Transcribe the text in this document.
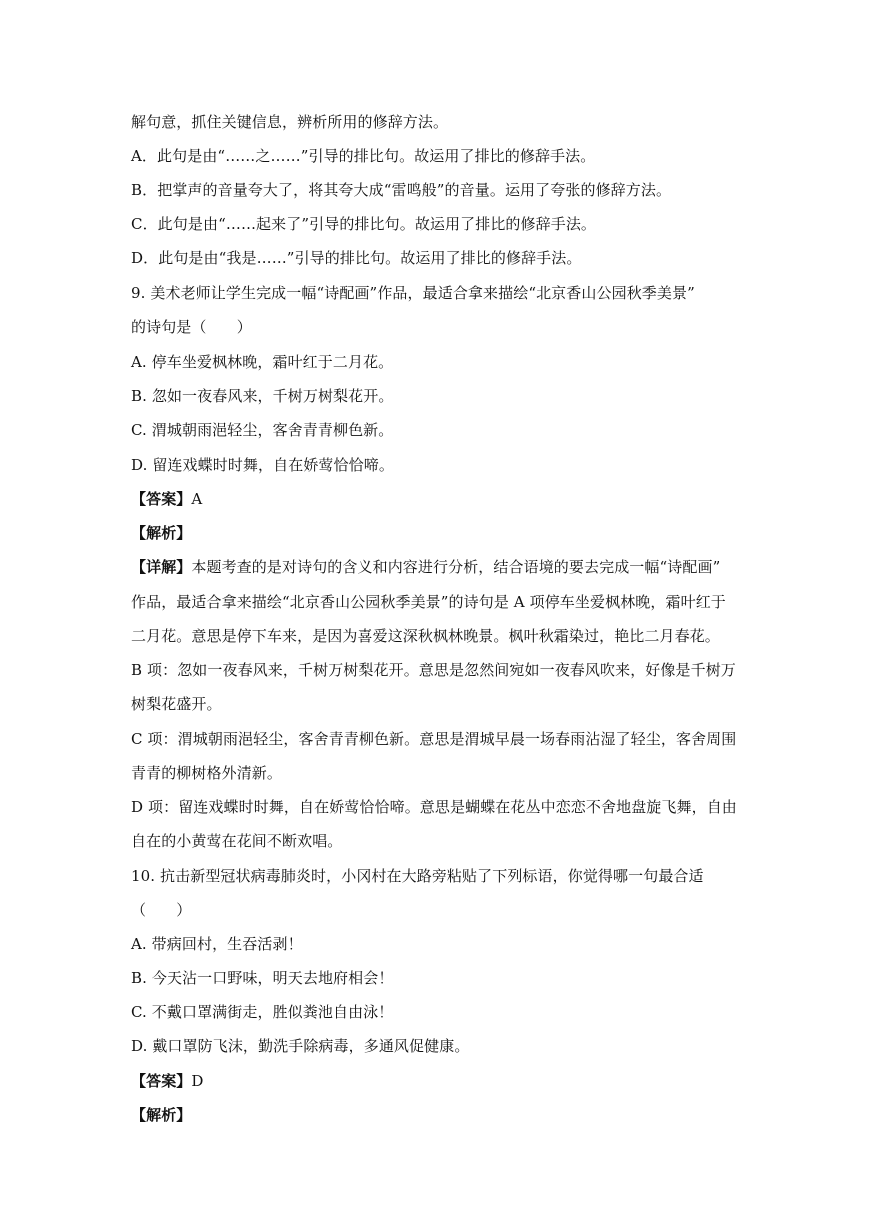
解句意，抓住关键信息，辨析所用的修辞方法。
A．此句是由“……之……”引导的排比句。故运用了排比的修辞手法。
B．把掌声的音量夸大了，将其夸大成“雷鸣般”的音量。运用了夸张的修辞方法。
C．此句是由“……起来了”引导的排比句。故运用了排比的修辞手法。
D．此句是由“我是……”引导的排比句。故运用了排比的修辞手法。
9. 美术老师让学生完成一幅“诗配画”作品，最适合拿来描绘“北京香山公园秋季美景”
的诗句是（　　）
A. 停车坐爱枫林晚，霜叶红于二月花。
B. 忽如一夜春风来，千树万树梨花开。
C. 渭城朝雨浥轻尘，客舍青青柳色新。
D. 留连戏蝶时时舞，自在娇莺恰恰啼。
【答案】A
【解析】
【详解】本题考查的是对诗句的含义和内容进行分析，结合语境的要去完成一幅“诗配画”
作品，最适合拿来描绘“北京香山公园秋季美景”的诗句是 A 项停车坐爱枫林晚，霜叶红于
二月花。意思是停下车来，是因为喜爱这深秋枫林晚景。枫叶秋霜染过，艳比二月春花。
B 项：忽如一夜春风来，千树万树梨花开。意思是忽然间宛如一夜春风吹来，好像是千树万
树梨花盛开。
C 项：渭城朝雨浥轻尘，客舍青青柳色新。意思是渭城早晨一场春雨沾湿了轻尘，客舍周围
青青的柳树格外清新。
D 项：留连戏蝶时时舞，自在娇莺恰恰啼。意思是蝴蝶在花丛中恋恋不舍地盘旋飞舞，自由
自在的小黄莺在花间不断欢唱。
10. 抗击新型冠状病毒肺炎时，小冈村在大路旁粘贴了下列标语，你觉得哪一句最合适
（　　）
A. 带病回村，生吞活剥！
B. 今天沾一口野味，明天去地府相会！
C. 不戴口罩满街走，胜似粪池自由泳！
D. 戴口罩防飞沫，勤洗手除病毒，多通风促健康。
【答案】D
【解析】
